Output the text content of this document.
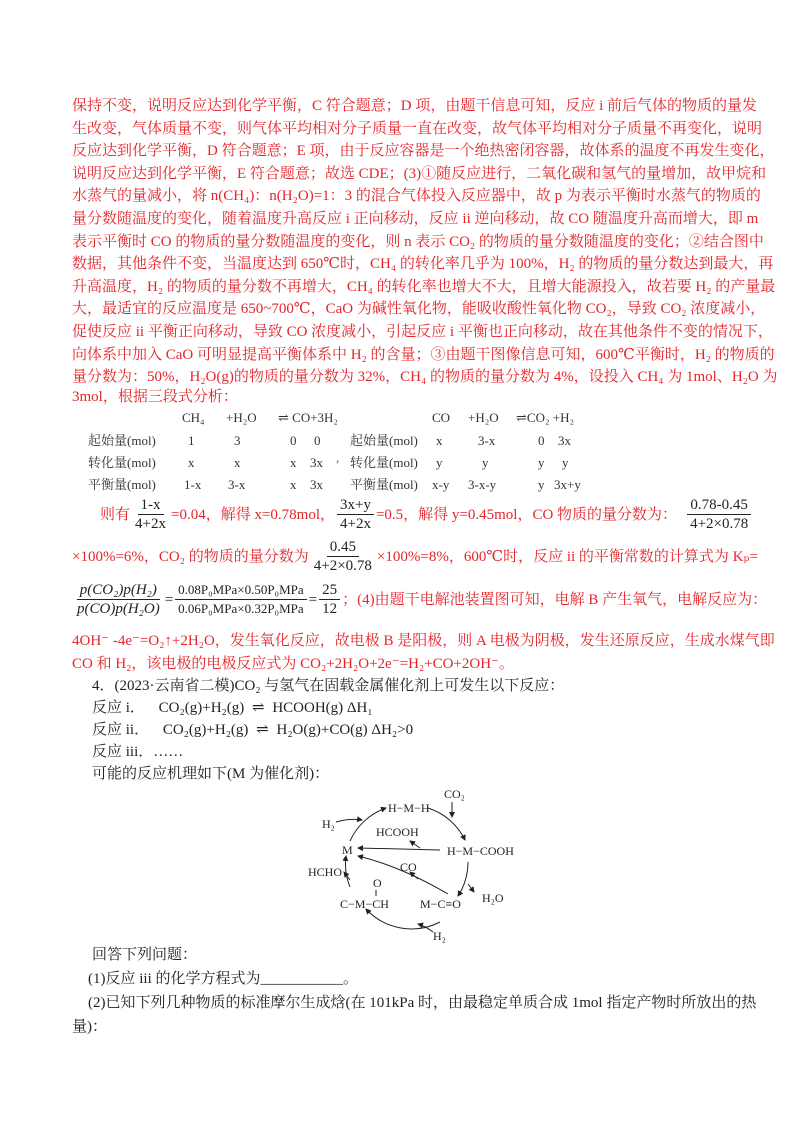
保持不变，说明反应达到化学平衡，C 符合题意；D 项，由题干信息可知，反应 i 前后气体的物质的量发
生改变，气体质量不变，则气体平均相对分子质量一直在改变，故气体平均相对分子质量不再变化，说明
反应达到化学平衡，D 符合题意；E 项，由于反应容器是一个绝热密闭容器，故体系的温度不再发生变化，
说明反应达到化学平衡，E 符合题意；故选 CDE；(3)①随反应进行，二氧化碳和氢气的量增加，故甲烷和
水蒸气的量减小，将 n(CH₄)：n(H₂O)=1：3 的混合气体投入反应器中，故 p 为表示平衡时水蒸气的物质的
量分数随温度的变化，随着温度升高反应 i 正向移动，反应 ii 逆向移动，故 CO 随温度升高而增大，即 m
表示平衡时 CO 的物质的量分数随温度的变化，则 n 表示 CO₂ 的物质的量分数随温度的变化；②结合图中
数据，其他条件不变，当温度达到 650℃时，CH₄ 的转化率几乎为 100%，H₂ 的物质的量分数达到最大，再
升高温度，H₂ 的物质的量分数不再增大，CH₄ 的转化率也增大不大，且增大能源投入，故若要 H₂ 的产量最
大，最适宜的反应温度是 650~700℃，CaO 为碱性氧化物，能吸收酸性氧化物 CO₂，导致 CO₂ 浓度减小，
促使反应 ii 平衡正向移动，导致 CO 浓度减小，引起反应 i 平衡也正向移动，故在其他条件不变的情况下，
向体系中加入 CaO 可明显提高平衡体系中 H₂ 的含量；③由题干图像信息可知，600℃平衡时，H₂ 的物质的
量分数为：50%，H₂O(g)的物质的量分数为 32%，CH₄ 的物质的量分数为 4%，设投入 CH₄ 为 1mol、H₂O 为
3mol，根据三段式分析：
CH₄ +H₂O ⇌ CO+3H₂
起始量(mol) 1	3	0 0
转化量(mol) x	x	x 3x
平衡量(mol) 1-x 3-x	x 3x
,
CO +H₂O ⇌CO₂ +H₂
起始量(mol) x	3-x	0 3x
转化量(mol) y	y	y y
平衡量(mol) x-y 3-x-y	y 3x+y
则有 $\frac{1-x}{4+2x} =0.04$，解得 x=0.78mol， $\frac{3x+y}{4+2x} =0.5$，解得 y=0.45mol，CO 物质的量分数为： $\frac{0.78-0.45}{4+2\times 0.78}$
×100%=6%，CO₂ 的物质的量分数为 $\frac{0.45}{4+2\times 0.78} \times 100\%=8\%$，600℃时，反应 ii 的平衡常数的计算式为 Kₚ=
$\frac{\text{p(CO₂)p(H₂)}}{\text{p(CO)p(H₂O)}} = \frac{\text{0.08P₀MPa×0.50P₀MPa}}{\text{0.06P₀MPa×0.32P₀MPa}} = \frac{25}{12}$ ；(4)由题干电解池装置图可知，电解 B 产生氧气，电解反应为：
4OH⁻ -4e⁻=O₂↑+2H₂O，发生氧化反应，故电极 B 是阳极，则 A 电极为阴极，发生还原反应，生成水煤气即
CO 和 H₂，该电极的电极反应式为 CO₂+2H₂O+2e⁻=H₂+CO+2OH⁻。
4．(2023·云南省二模)CO₂ 与氢气在固载金属催化剂上可发生以下反应：
反应 i． CO₂(g)+H₂(g) ⇌ HCOOH(g) ΔH₁
反应 ii． CO₂(g)+H₂(g) ⇌ H₂O(g)+CO(g) ΔH₂>0
反应 iii．……
可能的反应机理如下(M 为催化剂)：
H−M−H
CO₂
H₂
HCOOH
M	H−M−COOH
CO
HCHO
O
C−M−CH	M−C≡O H₂O
H₂
回答下列问题：
(1)反应 iii 的化学方程式为___________。
(2)已知下列几种物质的标准摩尔生成焓(在 101kPa 时，由最稳定单质合成 1mol 指定产物时所放出的热
量)：
